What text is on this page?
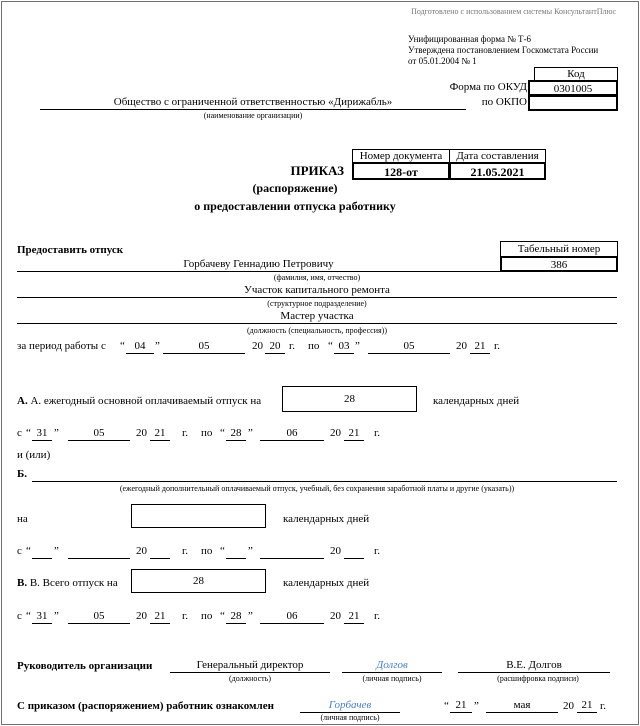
Подготовлено с использованием системы КонсультантПлюс
Унифицированная форма № Т-6
Утверждена постановлением Госкомстата России
от 05.01.2004 № 1
Код
Форма по ОКУД	0301005
по ОКПО
Общество с ограниченной ответственностью «Дирижабль»
(наименование организации)
Номер документа	Дата составления
128-от	21.05.2021
ПРИКАЗ
(распоряжение)
о предоставлении отпуска работнику
Предоставить отпуск	Табельный номер
386
Горбачеву Геннадию Петровичу
(фамилия, имя, отчество)
Участок капитального ремонта
(структурное подразделение)
Мастер участка
(должность (специальность, профессия))
за период работы с “ 04 ”	05	20 20 г. по “ 03 ”	05	20 21 г.
А. А. ежегодный основной оплачиваемый отпуск на	28	календарных дней
с “ 31 ”	05	20 21	г. по “ 28 ”	06	20 21	г.
и (или)
Б.
(ежегодный дополнительный оплачиваемый отпуск, учебный, без сохранения заработной платы и другие (указать))
на	календарных дней
с “ ”	20	г. по “ ”	20	г.
В. В. Всего отпуск на	28	календарных дней
с “ 31 ”	05	20 21	г. по “ 28 ”	06	20 21	г.
Руководитель организации	Генеральный директор
(должность)
Долгов
(личная подпись)
В.Е. Долгов
(расшифровка подписи)
С приказом (распоряжением) работник ознакомлен	Горбачев
(личная подпись)
“ 21 ”	мая	20 21 г.
